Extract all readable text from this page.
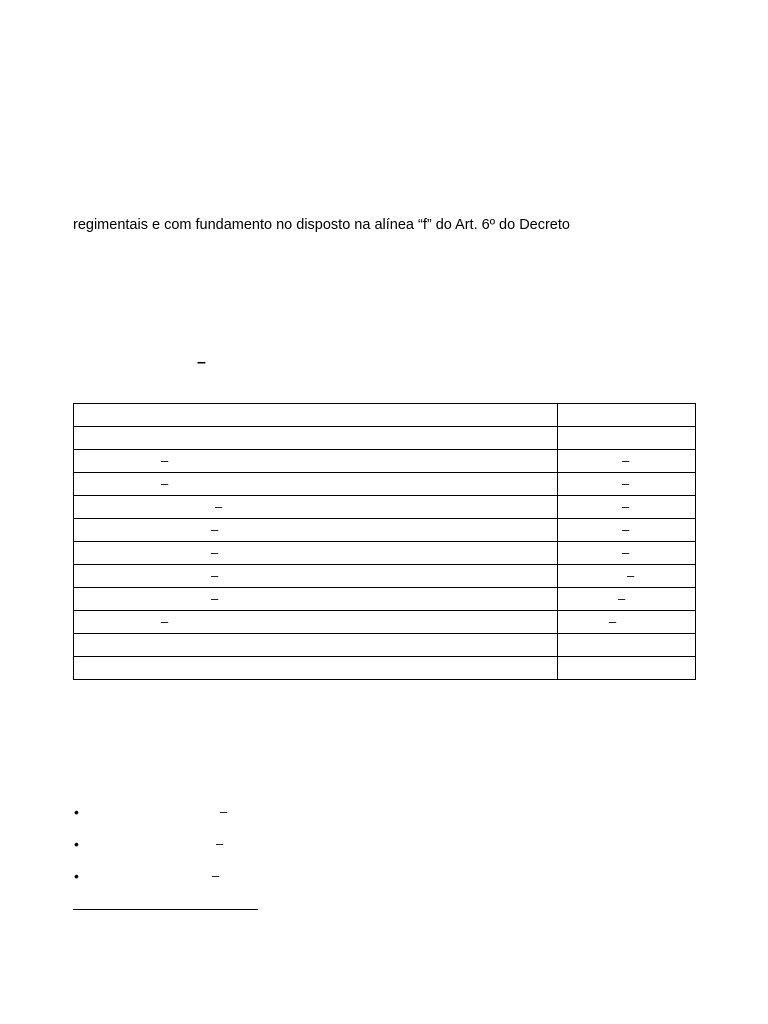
regimentais e com fundamento no disposto na alínea “f” do Art. 6º do Decreto

–

–	–

–	–

–	–

–	–

–	–

–	–

–	–

–	–

•	–
•	–
•	–
